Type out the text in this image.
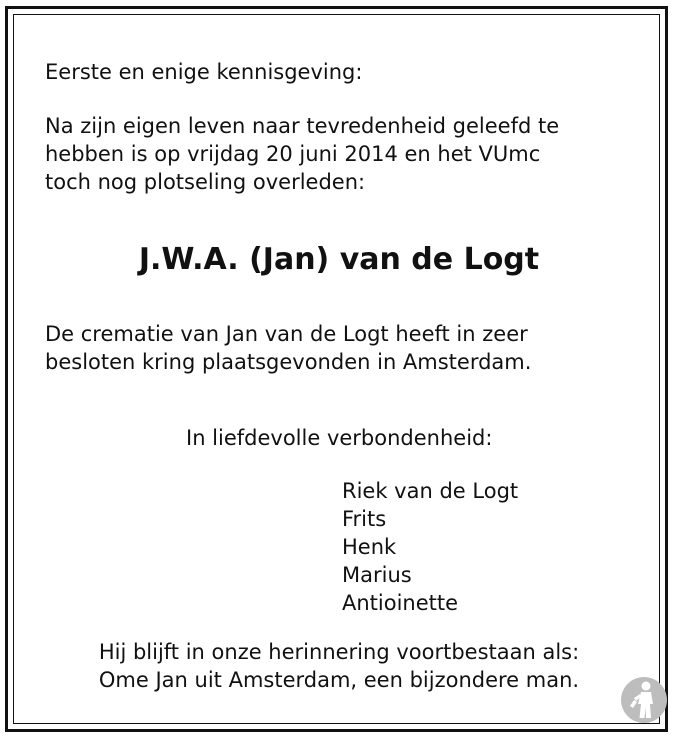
Eerste en enige kennisgeving:

Na zijn eigen leven naar tevredenheid geleefd te
hebben is op vrijdag 20 juni 2014 en het VUmc
toch nog plotseling overleden:
J.W.A. (Jan) van de Logt
De crematie van Jan van de Logt heeft in zeer
besloten kring plaatsgevonden in Amsterdam.

In liefdevolle verbondenheid:

Riek van de Logt
Frits
Henk
Marius
Antioinette
Hij blijft in onze herinnering voortbestaan als:
Ome Jan uit Amsterdam, een bijzondere man.
